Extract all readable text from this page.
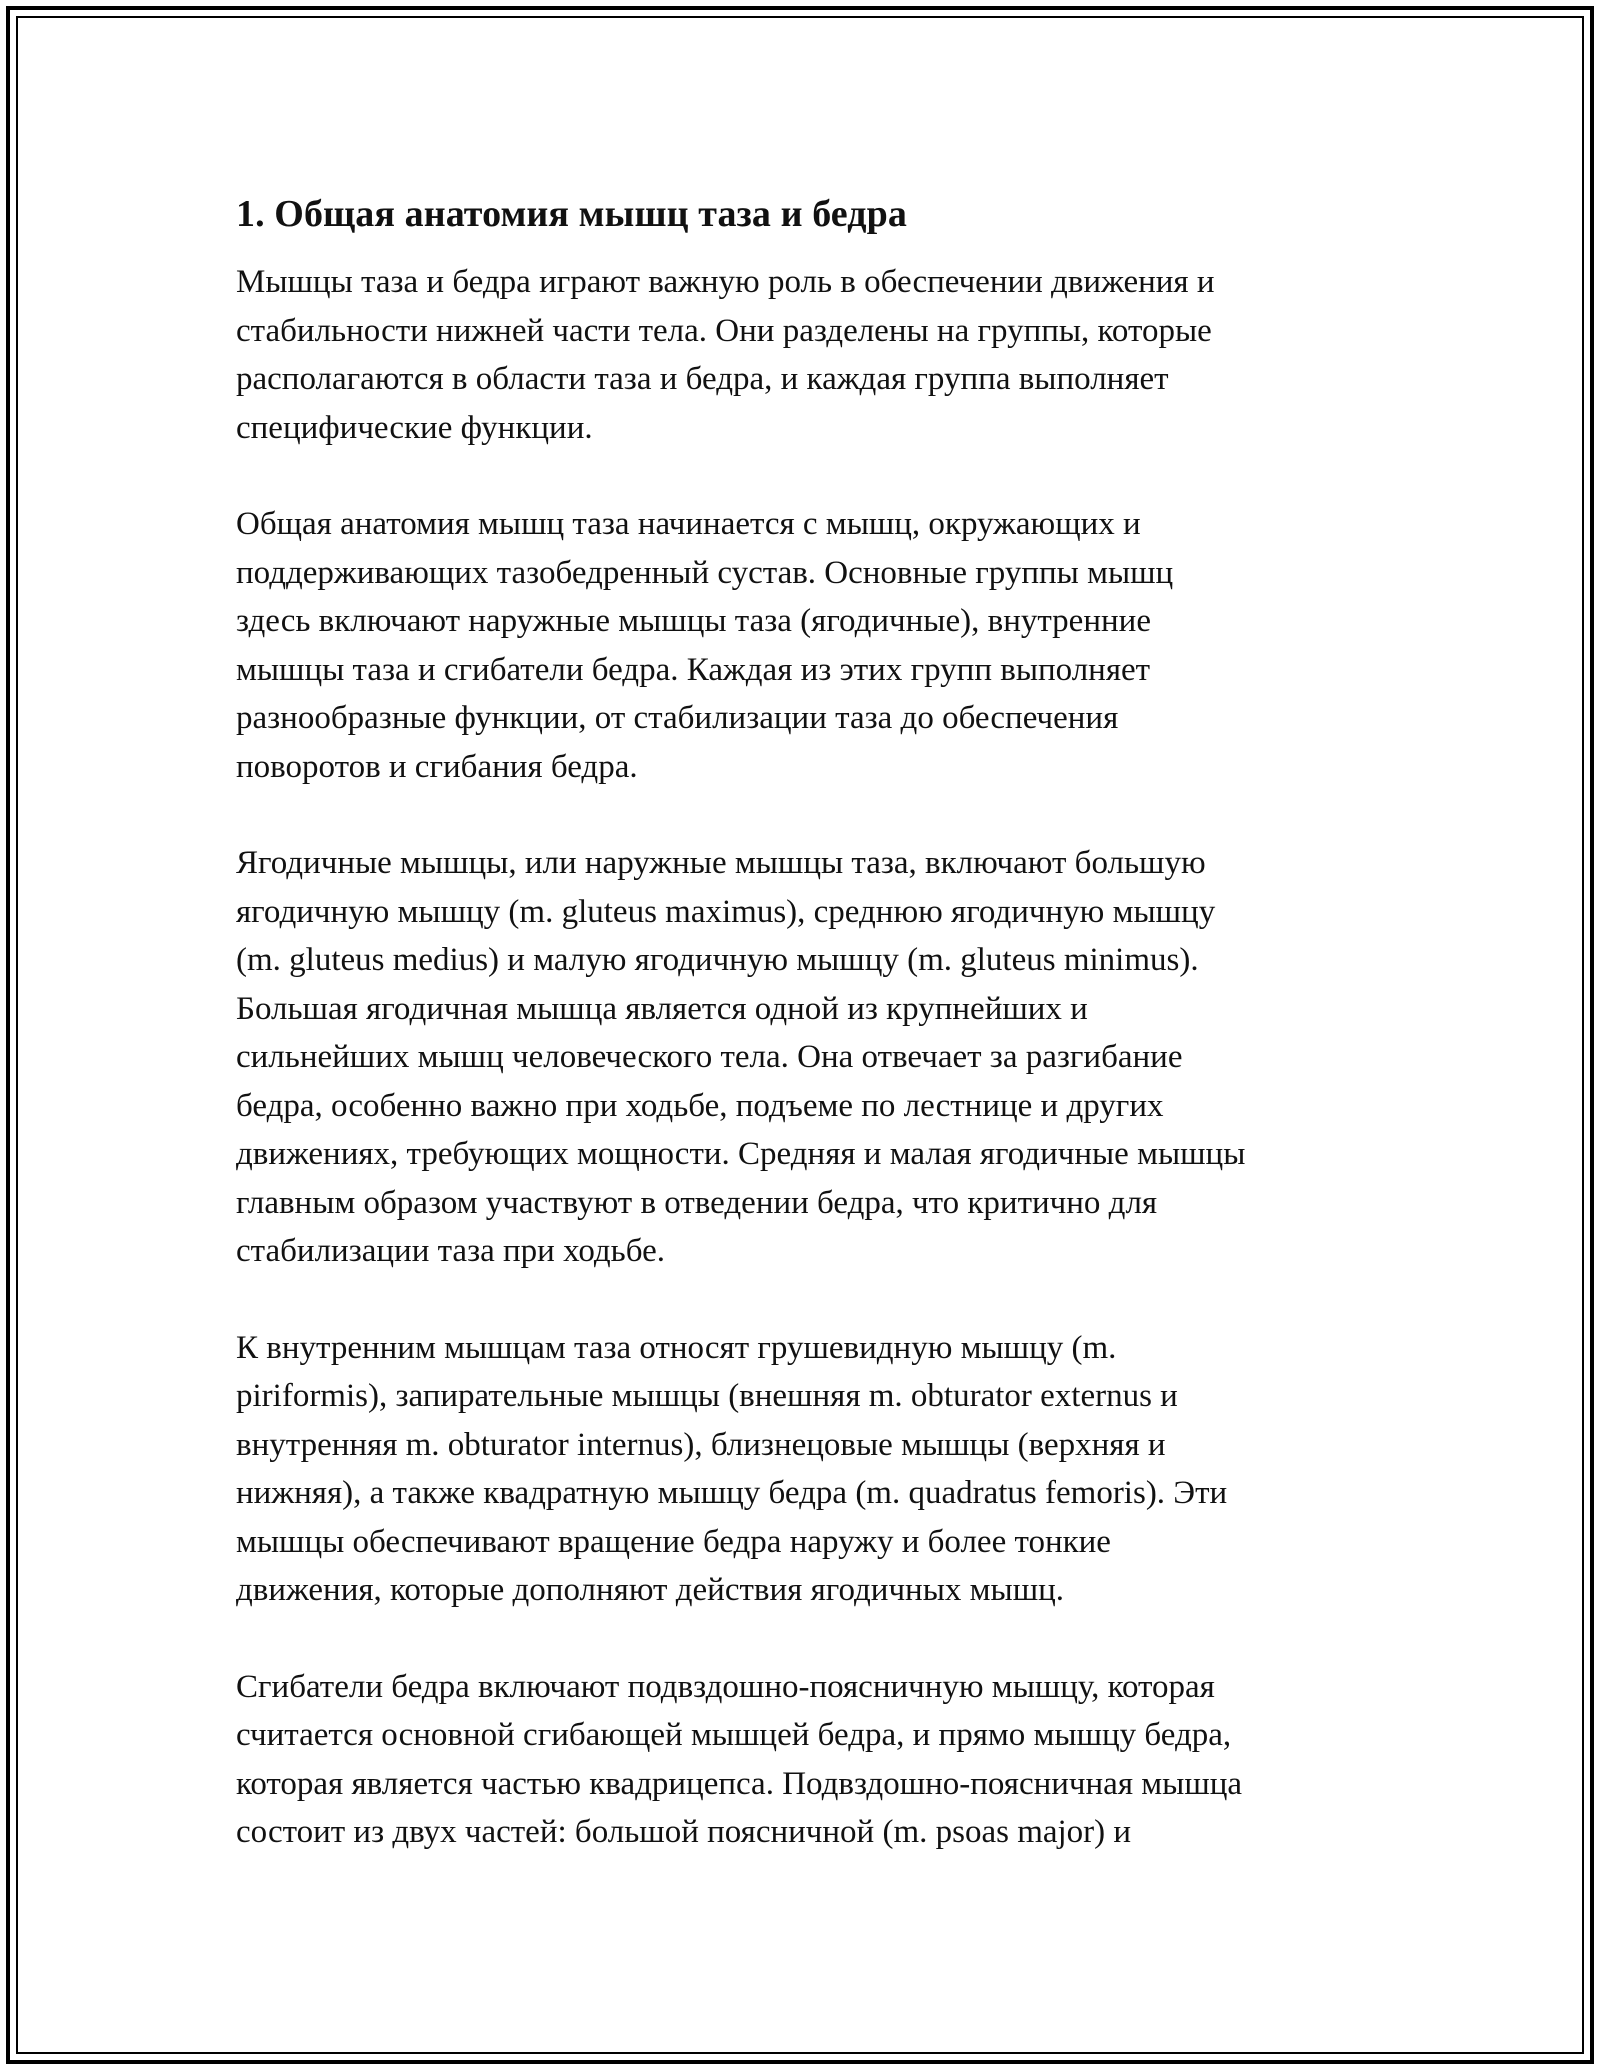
1. Общая анатомия мышц таза и бедра

Мышцы таза и бедра играют важную роль в обеспечении движения и
стабильности нижней части тела. Они разделены на группы, которые
располагаются в области таза и бедра, и каждая группа выполняет
специфические функции.

Общая анатомия мышц таза начинается с мышц, окружающих и
поддерживающих тазобедренный сустав. Основные группы мышц
здесь включают наружные мышцы таза (ягодичные), внутренние
мышцы таза и сгибатели бедра. Каждая из этих групп выполняет
разнообразные функции, от стабилизации таза до обеспечения
поворотов и сгибания бедра.

Ягодичные мышцы, или наружные мышцы таза, включают большую
ягодичную мышцу (m. gluteus maximus), среднюю ягодичную мышцу
(m. gluteus medius) и малую ягодичную мышцу (m. gluteus minimus).
Большая ягодичная мышца является одной из крупнейших и
сильнейших мышц человеческого тела. Она отвечает за разгибание
бедра, особенно важно при ходьбе, подъеме по лестнице и других
движениях, требующих мощности. Средняя и малая ягодичные мышцы
главным образом участвуют в отведении бедра, что критично для
стабилизации таза при ходьбе.

К внутренним мышцам таза относят грушевидную мышцу (m.
piriformis), запирательные мышцы (внешняя m. obturator externus и
внутренняя m. obturator internus), близнецовые мышцы (верхняя и
нижняя), а также квадратную мышцу бедра (m. quadratus femoris). Эти
мышцы обеспечивают вращение бедра наружу и более тонкие
движения, которые дополняют действия ягодичных мышц.

Сгибатели бедра включают подвздошно-поясничную мышцу, которая
считается основной сгибающей мышцей бедра, и прямо мышцу бедра,
которая является частью квадрицепса. Подвздошно-поясничная мышца
состоит из двух частей: большой поясничной (m. psoas major) и
